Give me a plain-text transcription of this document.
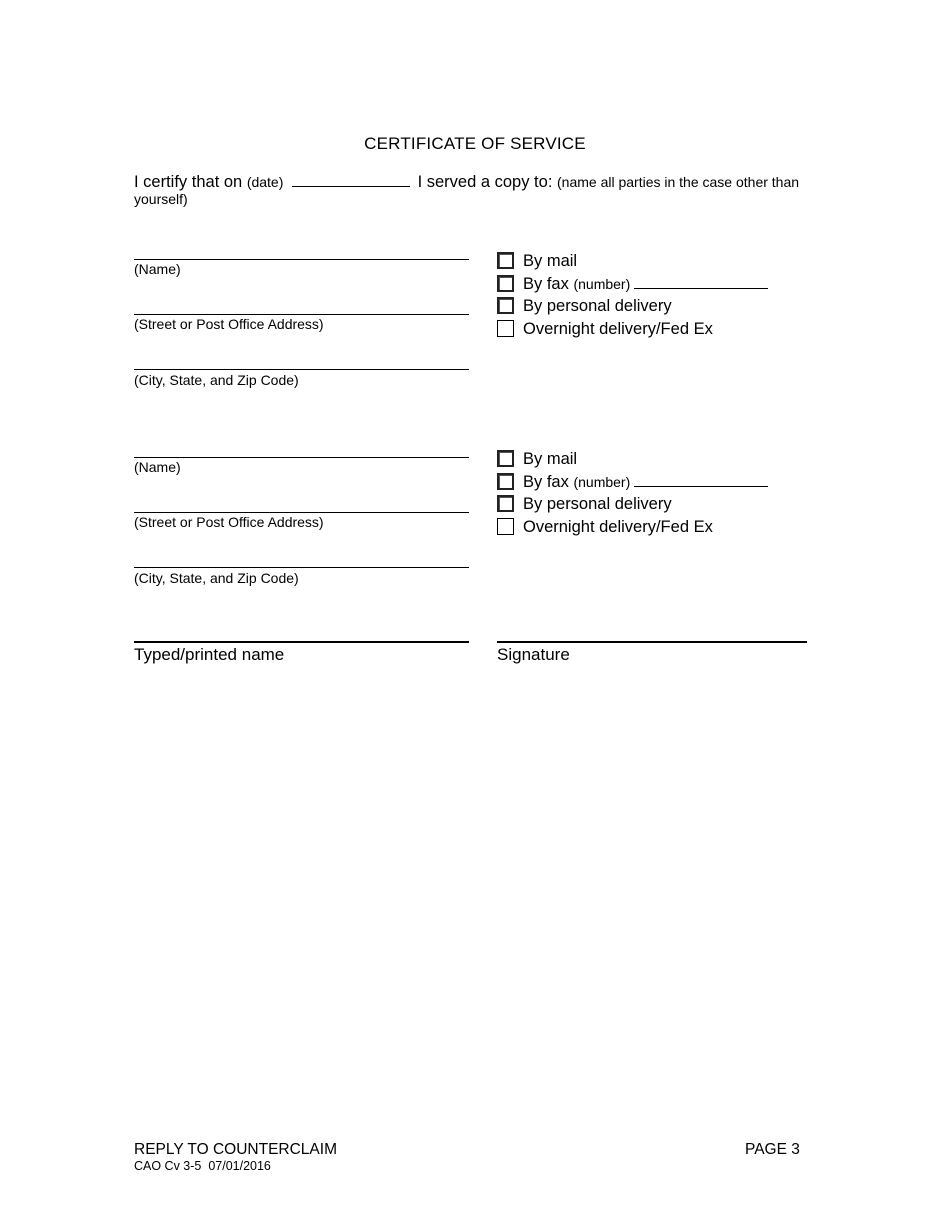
CERTIFICATE OF SERVICE
I certify that on (date)	I served a copy to: (name all parties in the case other than yourself)
(Name)
(Street or Post Office Address)
(City, State, and Zip Code)
By mail
By fax (number)
By personal delivery
Overnight delivery/Fed Ex
(Name)
(Street or Post Office Address)
(City, State, and Zip Code)
By mail
By fax (number)
By personal delivery
Overnight delivery/Fed Ex
Typed/printed name	Signature
REPLY TO COUNTERCLAIM
CAO Cv 3-5  07/01/2016
PAGE 3
